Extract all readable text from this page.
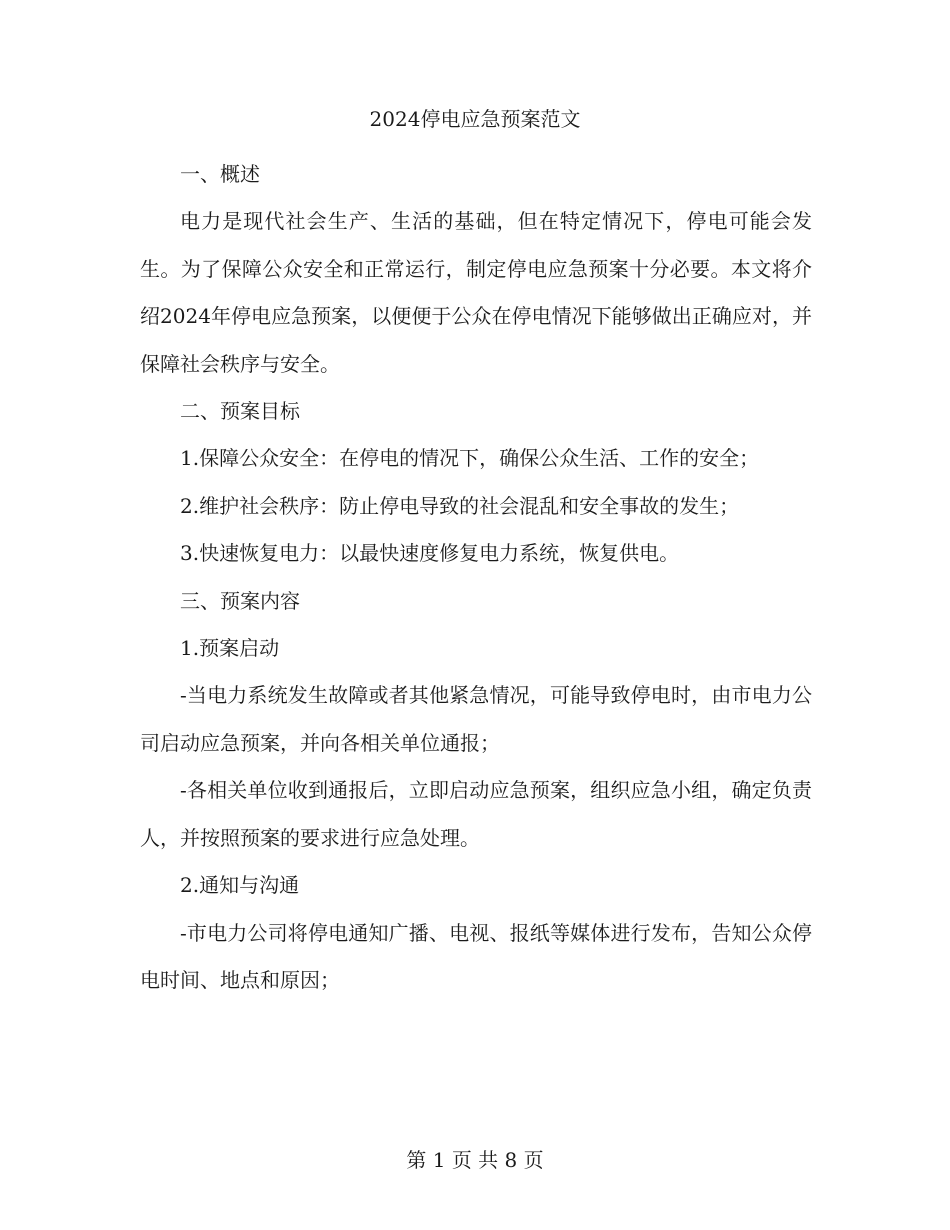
2024停电应急预案范文

一、概述

电力是现代社会生产、生活的基础，但在特定情况下，停电可能会发生。为了保障公众安全和正常运行，制定停电应急预案十分必要。本文将介绍2024年停电应急预案，以便便于公众在停电情况下能够做出正确应对，并保障社会秩序与安全。

二、预案目标

1.保障公众安全：在停电的情况下，确保公众生活、工作的安全；

2.维护社会秩序：防止停电导致的社会混乱和安全事故的发生；

3.快速恢复电力：以最快速度修复电力系统，恢复供电。

三、预案内容

1.预案启动

-当电力系统发生故障或者其他紧急情况，可能导致停电时，由市电力公司启动应急预案，并向各相关单位通报；

-各相关单位收到通报后，立即启动应急预案，组织应急小组，确定负责人，并按照预案的要求进行应急处理。

2.通知与沟通

-市电力公司将停电通知广播、电视、报纸等媒体进行发布，告知公众停电时间、地点和原因；

第 1 页 共 8 页
